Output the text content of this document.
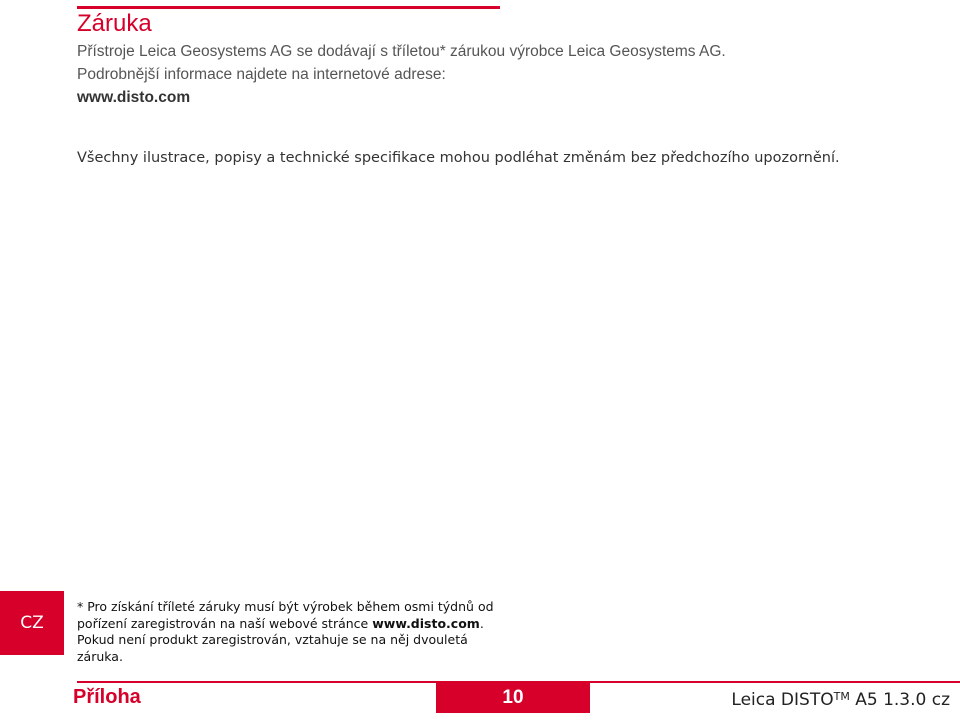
Záruka

Přístroje Leica Geosystems AG se dodávají s tříletou* zárukou výrobce Leica Geosystems AG.
Podrobnější informace najdete na internetové adrese:
www.disto.com

Všechny ilustrace, popisy a technické specifikace mohou podléhat změnám bez předchozího upozornění.

CZ

* Pro získání tříleté záruky musí být výrobek během osmi týdnů od pořízení zaregistrován na naší webové stránce www.disto.com. Pokud není produkt zaregistrován, vztahuje se na něj dvouletá záruka.

Příloha	10	Leica DISTO™ A5 1.3.0 cz
